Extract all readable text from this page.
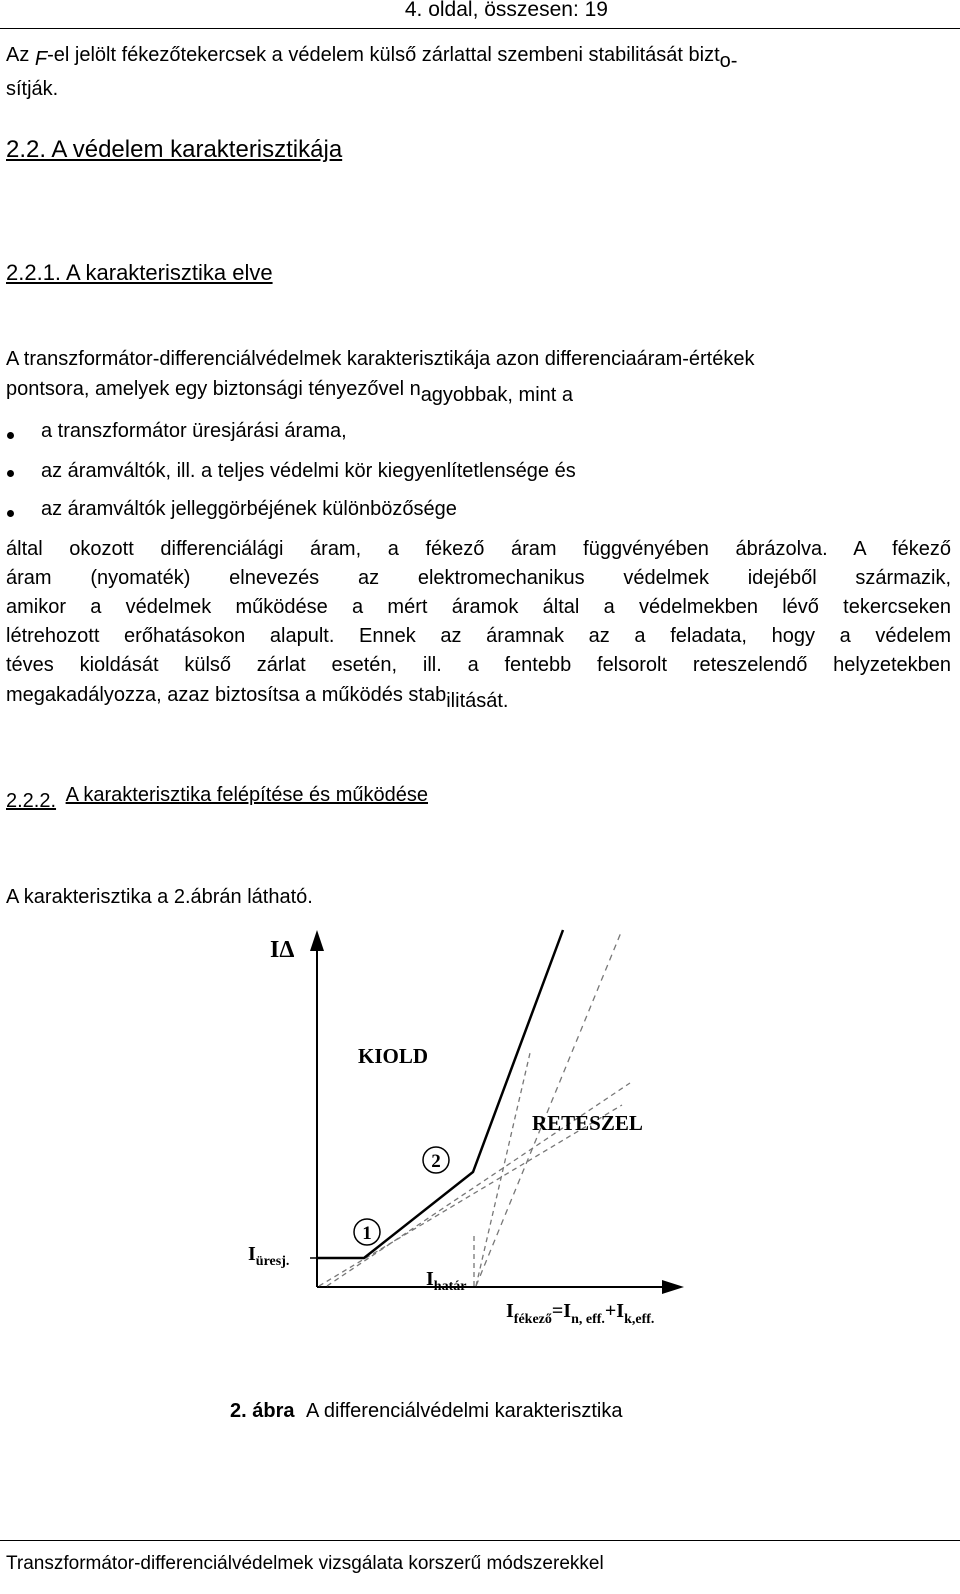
4. oldal, összesen: 19
Az F-el jelölt fékezőtekercsek a védelem külső zárlattal szembeni stabilitását bizto-
sítják.
2.2. A védelem karakterisztikája
2.2.1. A karakterisztika elve
A transzformátor-differenciálvédelmek karakterisztikája azon differenciaáram-értékek
pontsora, amelyek egy biztonsági tényezővel nagyobbak, mint a
a transzformátor üresjárási árama,
az áramváltók, ill. a teljes védelmi kör kiegyenlítetlensége és
az áramváltók jelleggörbéjének különbözősége
által okozott differenciálági áram, a fékező áram függvényében ábrázolva. A fékező
áram (nyomaték) elnevezés az elektromechanikus védelmek idejéből származik,
amikor a védelmek működése a mért áramok által a védelmekben lévő tekercseken
létrehozott erőhatásokon alapult. Ennek az áramnak az a feladata, hogy a védelem
téves kioldását külső zárlat esetén, ill. a fentebb felsorolt reteszelendő helyzetekben
megakadályozza, azaz biztosítsa a működés stabilitását.
2.2.2. A karakterisztika felépítése és működése
A karakterisztika a 2.ábrán látható.
IΔ
KIOLD
RETESZEL
1
2
$I_{üresj.}$
$I_{határ}$
$I_{fékező}=I_{n, eff.}+I_{k,eff.}$
2. ábra A differenciálvédelmi karakterisztika
Transzformátor-differenciálvédelmek vizsgálata korszerű módszerekkel
